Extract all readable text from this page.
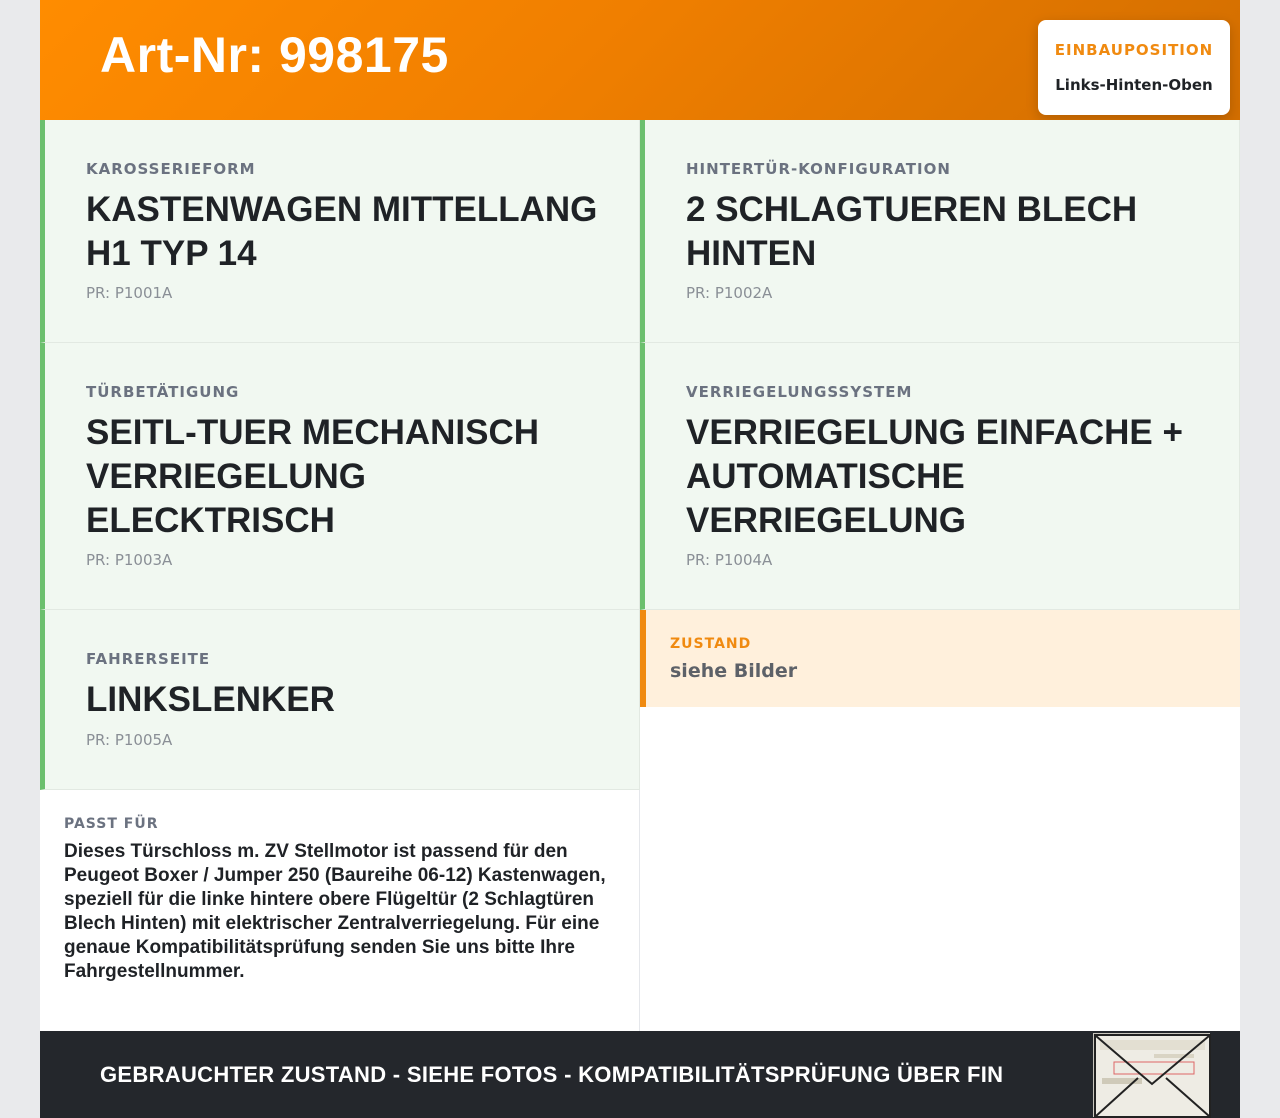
Art-Nr: 998175	EINBAUPOSITION
Links-Hinten-Oben
KAROSSERIEFORM
KASTENWAGEN MITTELLANG H1 TYP 14
PR: P1001A
HINTERTÜR-KONFIGURATION
2 SCHLAGTUEREN BLECH HINTEN
PR: P1002A
TÜRBETÄTIGUNG
SEITL-TUER MECHANISCH VERRIEGELUNG ELECKTRISCH
PR: P1003A
VERRIEGELUNGSSYSTEM
VERRIEGELUNG EINFACHE + AUTOMATISCHE VERRIEGELUNG
PR: P1004A
FAHRERSEITE
LINKSLENKER
PR: P1005A
ZUSTAND
siehe Bilder
PASST FÜR
Dieses Türschloss m. ZV Stellmotor ist passend für den Peugeot Boxer / Jumper 250 (Baureihe 06-12) Kastenwagen, speziell für die linke hintere obere Flügeltür (2 Schlagtüren Blech Hinten) mit elektrischer Zentralverriegelung. Für eine genaue Kompatibilitätsprüfung senden Sie uns bitte Ihre Fahrgestellnummer.
GEBRAUCHTER ZUSTAND - SIEHE FOTOS - KOMPATIBILITÄTSPRÜFUNG ÜBER FIN
